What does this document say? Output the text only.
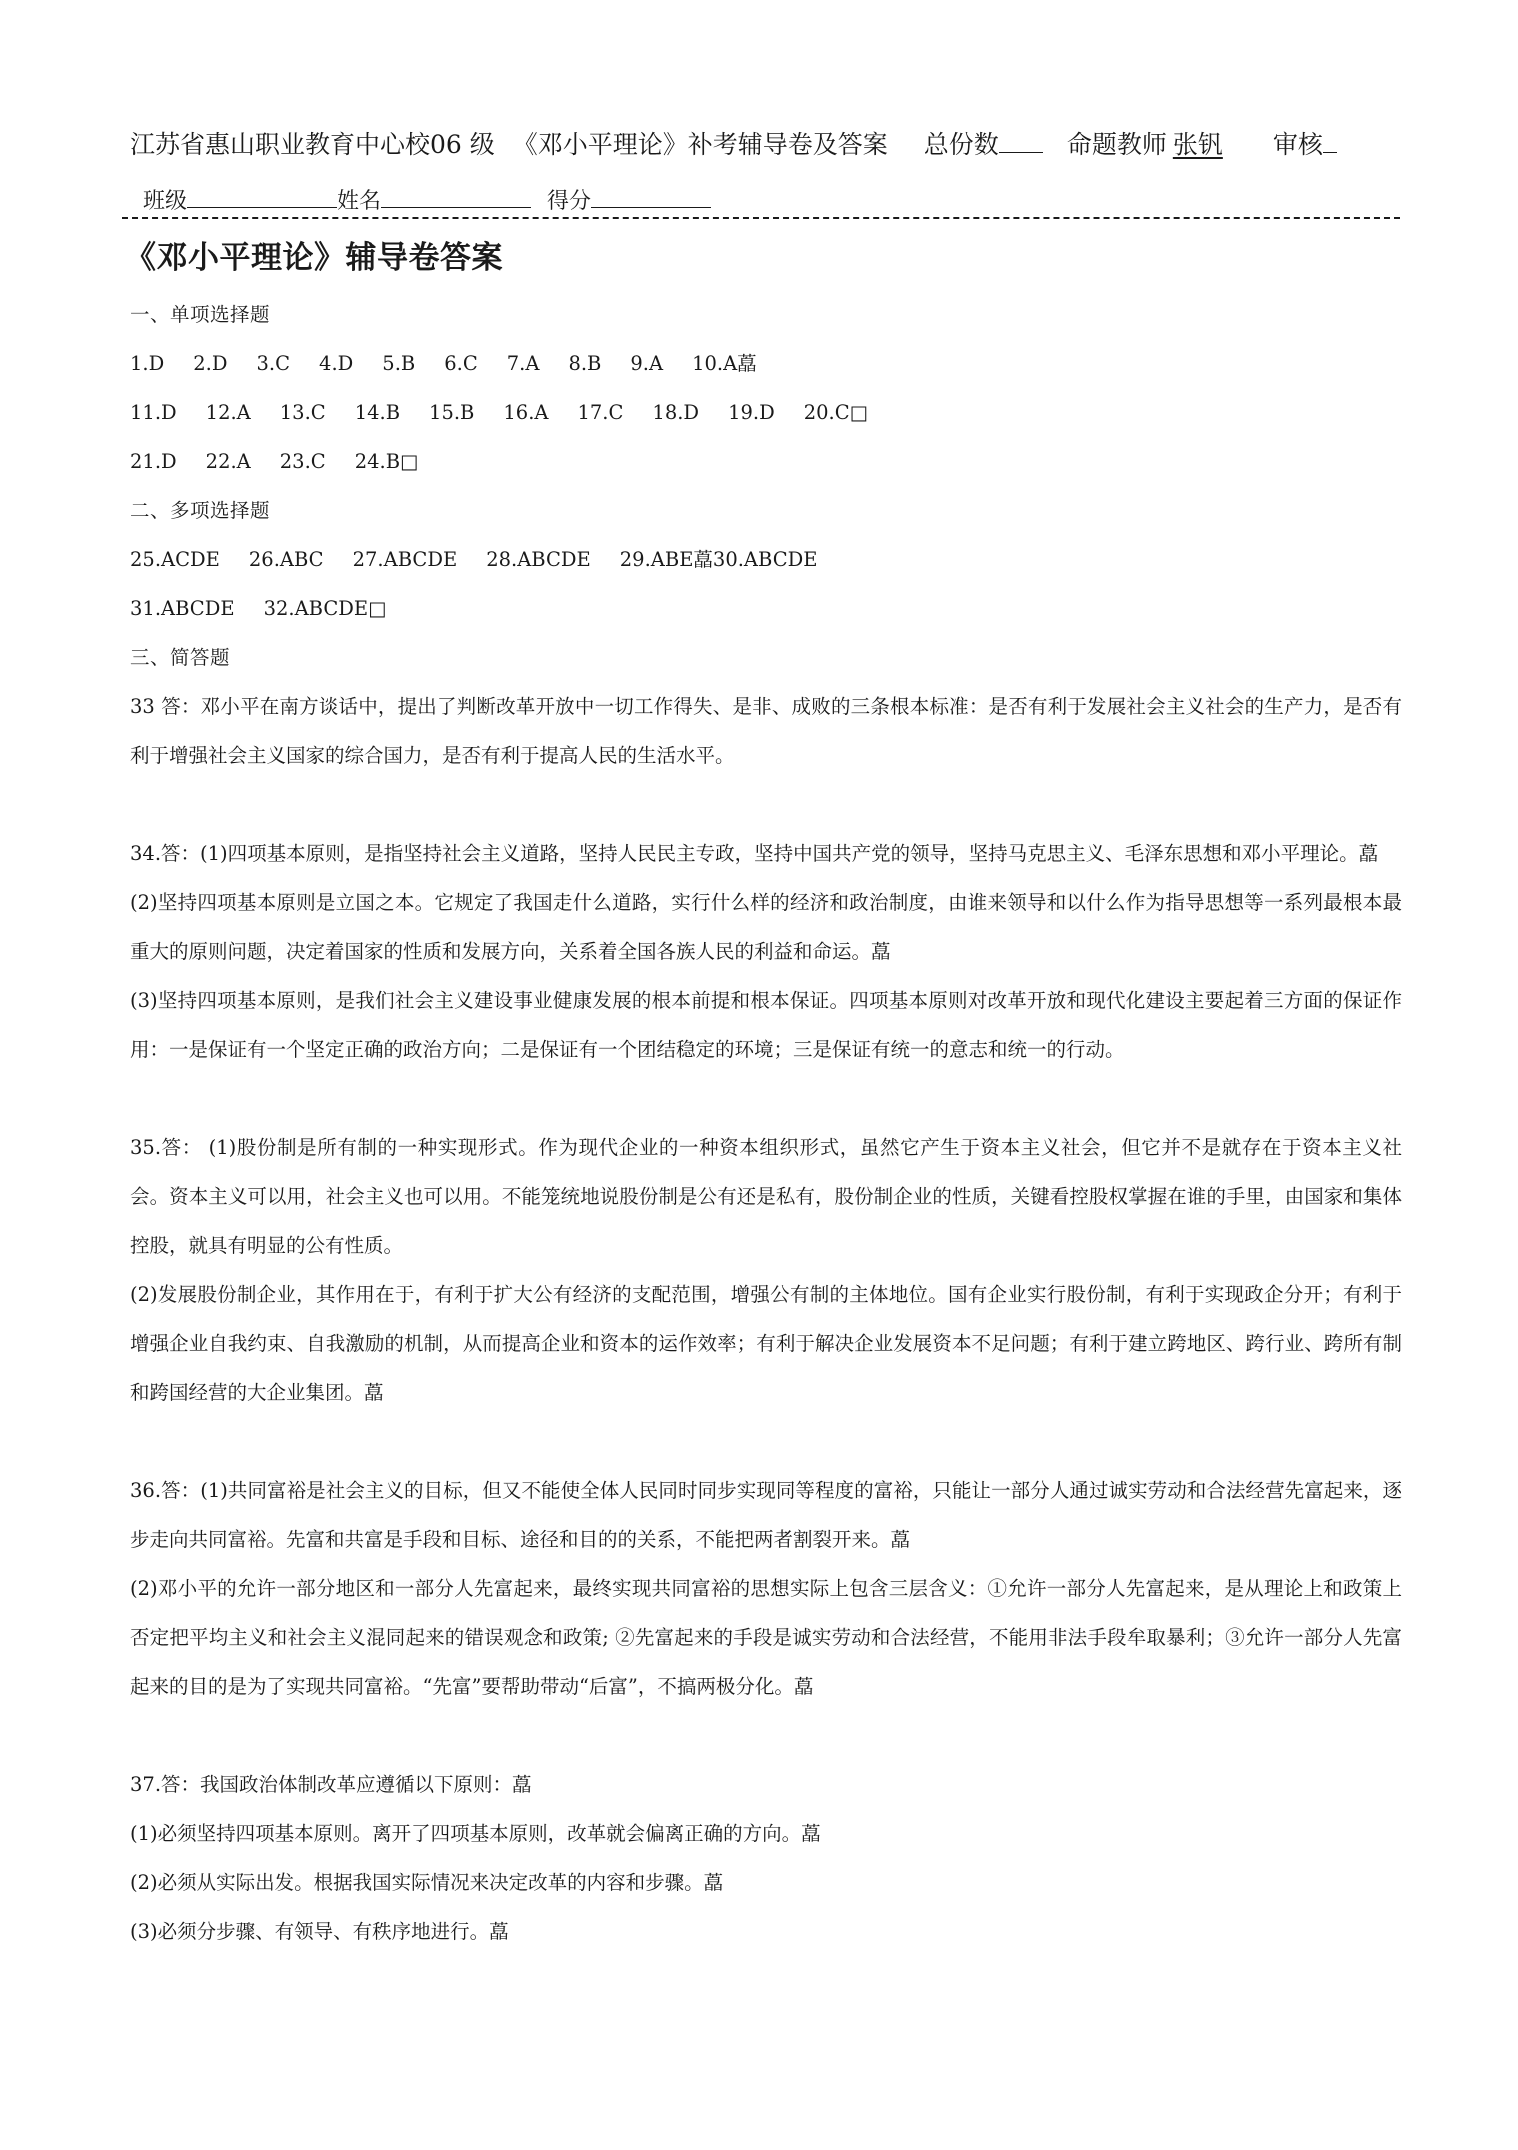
江苏省惠山职业教育中心校06 级 《邓小平理论》补考辅导卷及答案 总份数	命题教师 张钒 审核
班级	姓名	得分
《邓小平理论》辅导卷答案
一、单项选择题
1.D 2.D 3.C 4.D 5.B 6.C 7.A 8.B 9.A 10.A藠
11.D 12.A 13.C 14.B 15.B 16.A 17.C 18.D 19.D 20.C□
21.D 22.A 23.C 24.B□
二、多项选择题
25.ACDE 26.ABC 27.ABCDE 28.ABCDE 29.ABE藠30.ABCDE
31.ABCDE 32.ABCDE□
三、简答题
33 答：邓小平在南方谈话中，提出了判断改革开放中一切工作得失、是非、成败的三条根本标准：是否有利于发展社会主义社会的生产力，是否有利于增强社会主义国家的综合国力，是否有利于提高人民的生活水平。
34.答：(1)四项基本原则，是指坚持社会主义道路，坚持人民民主专政，坚持中国共产党的领导，坚持马克思主义、毛泽东思想和邓小平理论。藠
(2)坚持四项基本原则是立国之本。它规定了我国走什么道路，实行什么样的经济和政治制度，由谁来领导和以什么作为指导思想等一系列最根本最重大的原则问题，决定着国家的性质和发展方向，关系着全国各族人民的利益和命运。藠
(3)坚持四项基本原则，是我们社会主义建设事业健康发展的根本前提和根本保证。四项基本原则对改革开放和现代化建设主要起着三方面的保证作用：一是保证有一个坚定正确的政治方向；二是保证有一个团结稳定的环境；三是保证有统一的意志和统一的行动。
35.答： (1)股份制是所有制的一种实现形式。作为现代企业的一种资本组织形式，虽然它产生于资本主义社会，但它并不是就存在于资本主义社会。资本主义可以用，社会主义也可以用。不能笼统地说股份制是公有还是私有，股份制企业的性质，关键看控股权掌握在谁的手里，由国家和集体控股，就具有明显的公有性质。
(2)发展股份制企业，其作用在于，有利于扩大公有经济的支配范围，增强公有制的主体地位。国有企业实行股份制，有利于实现政企分开；有利于增强企业自我约束、自我激励的机制，从而提高企业和资本的运作效率；有利于解决企业发展资本不足问题；有利于建立跨地区、跨行业、跨所有制和跨国经营的大企业集团。藠
36.答：(1)共同富裕是社会主义的目标，但又不能使全体人民同时同步实现同等程度的富裕，只能让一部分人通过诚实劳动和合法经营先富起来，逐步走向共同富裕。先富和共富是手段和目标、途径和目的的关系，不能把两者割裂开来。藠
(2)邓小平的允许一部分地区和一部分人先富起来，最终实现共同富裕的思想实际上包含三层含义：①允许一部分人先富起来，是从理论上和政策上否定把平均主义和社会主义混同起来的错误观念和政策; ②先富起来的手段是诚实劳动和合法经营，不能用非法手段牟取暴利；③允许一部分人先富起来的目的是为了实现共同富裕。“先富”要帮助带动“后富”，不搞两极分化。藠
37.答：我国政治体制改革应遵循以下原则：藠
(1)必须坚持四项基本原则。离开了四项基本原则，改革就会偏离正确的方向。藠
(2)必须从实际出发。根据我国实际情况来决定改革的内容和步骤。藠
(3)必须分步骤、有领导、有秩序地进行。藠
